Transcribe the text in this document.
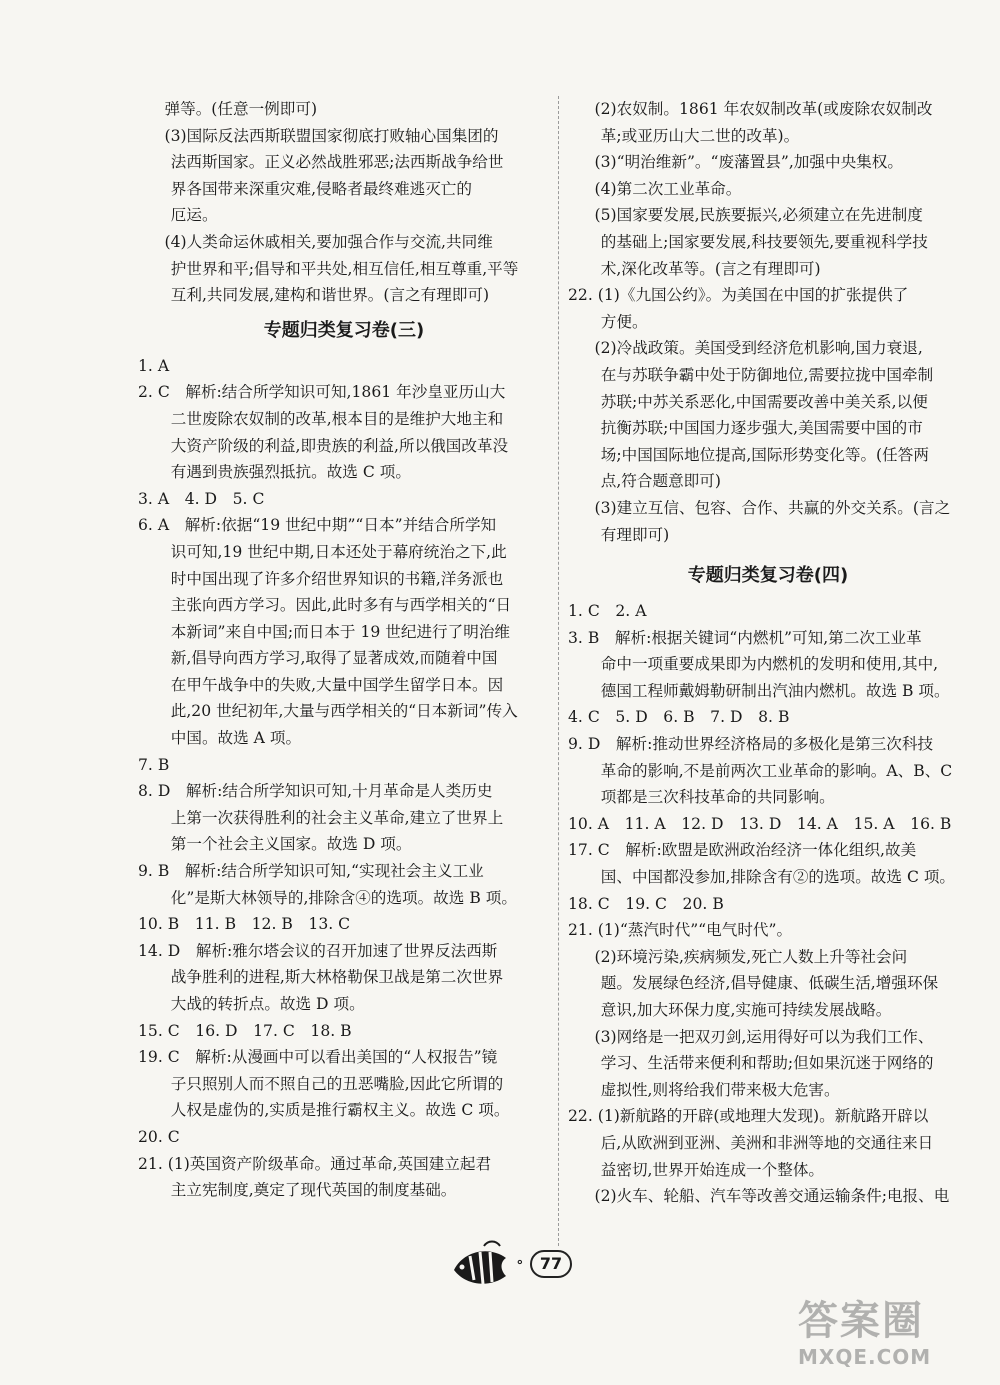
弹等。(任意一例即可)
(3)国际反法西斯联盟国家彻底打败轴心国集团的
法西斯国家。正义必然战胜邪恶;法西斯战争给世
界各国带来深重灾难,侵略者最终难逃灭亡的
厄运。
(4)人类命运休戚相关,要加强合作与交流,共同维
护世界和平;倡导和平共处,相互信任,相互尊重,平等
互利,共同发展,建构和谐世界。(言之有理即可)
专题归类复习卷(三)
1. A
2. C　解析:结合所学知识可知,1861 年沙皇亚历山大
二世废除农奴制的改革,根本目的是维护大地主和
大资产阶级的利益,即贵族的利益,所以俄国改革没
有遇到贵族强烈抵抗。故选 C 项。
3. A　4. D　5. C
6. A　解析:依据“19 世纪中期”“日本”并结合所学知
识可知,19 世纪中期,日本还处于幕府统治之下,此
时中国出现了许多介绍世界知识的书籍,洋务派也
主张向西方学习。因此,此时多有与西学相关的“日
本新词”来自中国;而日本于 19 世纪进行了明治维
新,倡导向西方学习,取得了显著成效,而随着中国
在甲午战争中的失败,大量中国学生留学日本。因
此,20 世纪初年,大量与西学相关的“日本新词”传入
中国。故选 A 项。
7. B
8. D　解析:结合所学知识可知,十月革命是人类历史
上第一次获得胜利的社会主义革命,建立了世界上
第一个社会主义国家。故选 D 项。
9. B　解析:结合所学知识可知,“实现社会主义工业
化”是斯大林领导的,排除含④的选项。故选 B 项。
10. B　11. B　12. B　13. C
14. D　解析:雅尔塔会议的召开加速了世界反法西斯
战争胜利的进程,斯大林格勒保卫战是第二次世界
大战的转折点。故选 D 项。
15. C　16. D　17. C　18. B
19. C　解析:从漫画中可以看出美国的“人权报告”镜
子只照别人而不照自己的丑恶嘴脸,因此它所谓的
人权是虚伪的,实质是推行霸权主义。故选 C 项。
20. C
21. (1)英国资产阶级革命。通过革命,英国建立起君
主立宪制度,奠定了现代英国的制度基础。
(2)农奴制。1861 年农奴制改革(或废除农奴制改
革;或亚历山大二世的改革)。
(3)“明治维新”。“废藩置县”,加强中央集权。
(4)第二次工业革命。
(5)国家要发展,民族要振兴,必须建立在先进制度
的基础上;国家要发展,科技要领先,要重视科学技
术,深化改革等。(言之有理即可)
22. (1)《九国公约》。为美国在中国的扩张提供了
方便。
(2)冷战政策。美国受到经济危机影响,国力衰退,
在与苏联争霸中处于防御地位,需要拉拢中国牵制
苏联;中苏关系恶化,中国需要改善中美关系,以便
抗衡苏联;中国国力逐步强大,美国需要中国的市
场;中国国际地位提高,国际形势变化等。(任答两
点,符合题意即可)
(3)建立互信、包容、合作、共赢的外交关系。(言之
有理即可)
专题归类复习卷(四)
1. C　2. A
3. B　解析:根据关键词“内燃机”可知,第二次工业革
命中一项重要成果即为内燃机的发明和使用,其中,
德国工程师戴姆勒研制出汽油内燃机。故选 B 项。
4. C　5. D　6. B　7. D　8. B
9. D　解析:推动世界经济格局的多极化是第三次科技
革命的影响,不是前两次工业革命的影响。A、B、C
项都是三次科技革命的共同影响。
10. A　11. A　12. D　13. D　14. A　15. A　16. B
17. C　解析:欧盟是欧洲政治经济一体化组织,故美
国、中国都没参加,排除含有②的选项。故选 C 项。
18. C　19. C　20. B
21. (1)“蒸汽时代”“电气时代”。
(2)环境污染,疾病频发,死亡人数上升等社会问
题。发展绿色经济,倡导健康、低碳生活,增强环保
意识,加大环保力度,实施可持续发展战略。
(3)网络是一把双刃剑,运用得好可以为我们工作、
学习、生活带来便利和帮助;但如果沉迷于网络的
虚拟性,则将给我们带来极大危害。
22. (1)新航路的开辟(或地理大发现)。新航路开辟以
后,从欧洲到亚洲、美洲和非洲等地的交通往来日
益密切,世界开始连成一个整体。
(2)火车、轮船、汽车等改善交通运输条件;电报、电
∘	77
答案圈
MXQE.COM
